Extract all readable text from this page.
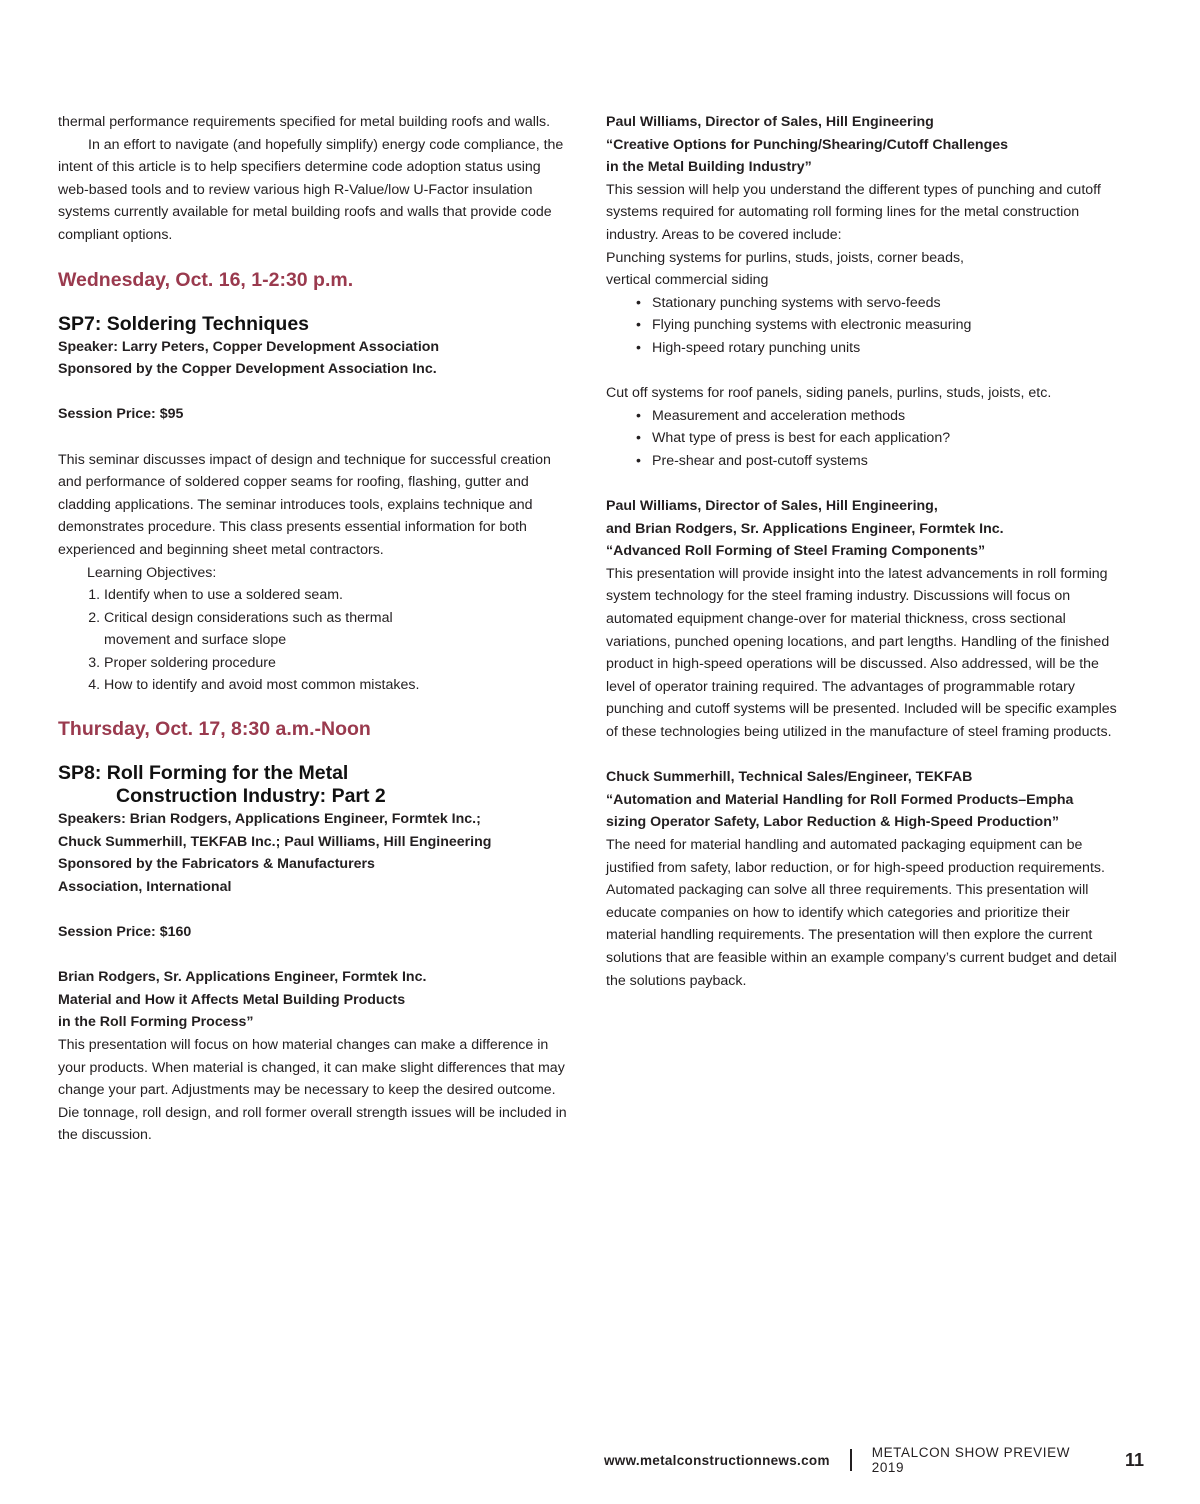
thermal performance requirements specified for metal building roofs and walls.

In an effort to navigate (and hopefully simplify) energy code compliance, the intent of this article is to help specifiers determine code adoption status using web-based tools and to review various high R-Value/low U-Factor insulation systems currently available for metal building roofs and walls that provide code compliant options.

Wednesday, Oct. 16, 1-2:30 p.m.
SP7: Soldering Techniques

Speaker: Larry Peters, Copper Development Association

Sponsored by the Copper Development Association Inc.

Session Price: $95

This seminar discusses impact of design and technique for successful creation and performance of soldered copper seams for roofing, flashing, gutter and cladding applications. The seminar introduces tools, explains technique and demonstrates procedure. This class presents essential information for both experienced and beginning sheet metal contractors.

Learning Objectives:

1. Identify when to use a soldered seam.
2. Critical design considerations such as thermal movement and surface slope
3. Proper soldering procedure
4. How to identify and avoid most common mistakes.
Thursday, Oct. 17, 8:30 a.m.-Noon
SP8: Roll Forming for the Metal
Construction Industry: Part 2

Speakers: Brian Rodgers, Applications Engineer, Formtek Inc.;

Chuck Summerhill, TEKFAB Inc.; Paul Williams, Hill Engineering

Sponsored by the Fabricators & Manufacturers

Association, International

Session Price: $160

Brian Rodgers, Sr. Applications Engineer, Formtek Inc.

Material and How it Affects Metal Building Products

in the Roll Forming Process”

This presentation will focus on how material changes can make a difference in your products. When material is changed, it can make slight differences that may change your part. Adjustments may be necessary to keep the desired outcome. Die tonnage, roll design, and roll former overall strength issues will be included in the discussion.

Paul Williams, Director of Sales, Hill Engineering

“Creative Options for Punching/Shearing/Cutoff Challenges

in the Metal Building Industry”

This session will help you understand the different types of punching and cutoff systems required for automating roll forming lines for the metal construction industry. Areas to be covered include:

Punching systems for purlins, studs, joists, corner beads,

vertical commercial siding

• Stationary punching systems with servo-feeds
• Flying punching systems with electronic measuring
• High-speed rotary punching units

Cut off systems for roof panels, siding panels, purlins, studs, joists, etc.

• Measurement and acceleration methods
• What type of press is best for each application?
• Pre-shear and post-cutoff systems

Paul Williams, Director of Sales, Hill Engineering,

and Brian Rodgers, Sr. Applications Engineer, Formtek Inc.

“Advanced Roll Forming of Steel Framing Components”

This presentation will provide insight into the latest advancements in roll forming system technology for the steel framing industry. Discussions will focus on automated equipment change-over for material thickness, cross sectional variations, punched opening locations, and part lengths. Handling of the finished product in high-speed operations will be discussed. Also addressed, will be the level of operator training required. The advantages of programmable rotary punching and cutoff systems will be presented. Included will be specific examples of these technologies being utilized in the manufacture of steel framing products.

Chuck Summerhill, Technical Sales/Engineer, TEKFAB

“Automation and Material Handling for Roll Formed Products–Empha

sizing Operator Safety, Labor Reduction & High-Speed Production”

The need for material handling and automated packaging equipment can be justified from safety, labor reduction, or for high-speed production requirements. Automated packaging can solve all three requirements. This presentation will educate companies on how to identify which categories and prioritize their material handling requirements. The presentation will then explore the current solutions that are feasible within an example company’s current budget and detail the solutions payback.

www.metalconstructionnews.com	METALCON SHOW PREVIEW 2019	11
